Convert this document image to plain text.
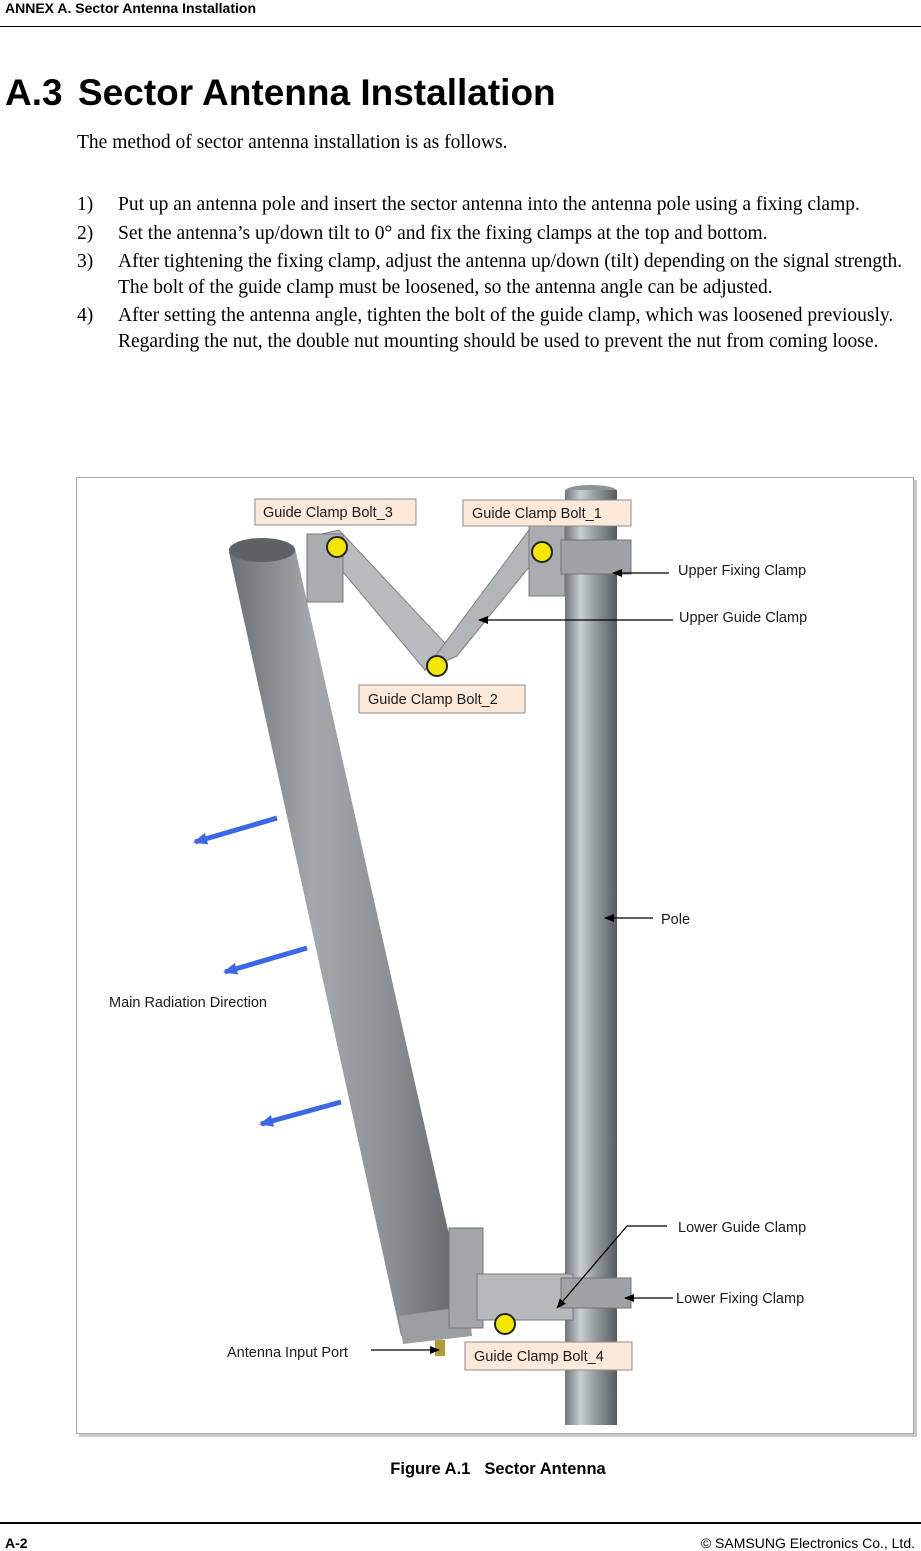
ANNEX A. Sector Antenna Installation
A.3 Sector Antenna Installation
The method of sector antenna installation is as follows.
1) Put up an antenna pole and insert the sector antenna into the antenna pole using a fixing clamp.
2) Set the antenna’s up/down tilt to 0° and fix the fixing clamps at the top and bottom.
3) After tightening the fixing clamp, adjust the antenna up/down (tilt) depending on the signal strength. The bolt of the guide clamp must be loosened, so the antenna angle can be adjusted.
4) After setting the antenna angle, tighten the bolt of the guide clamp, which was loosened previously. Regarding the nut, the double nut mounting should be used to prevent the nut from coming loose.
Guide Clamp Bolt_3	Guide Clamp Bolt_1
Guide Clamp Bolt_2
Guide Clamp Bolt_4
Upper Fixing Clamp
Upper Guide Clamp
Pole
Main Radiation Direction
Lower Guide Clamp
Lower Fixing Clamp
Antenna Input Port
Figure A.1 Sector Antenna
A-2	© SAMSUNG Electronics Co., Ltd.
